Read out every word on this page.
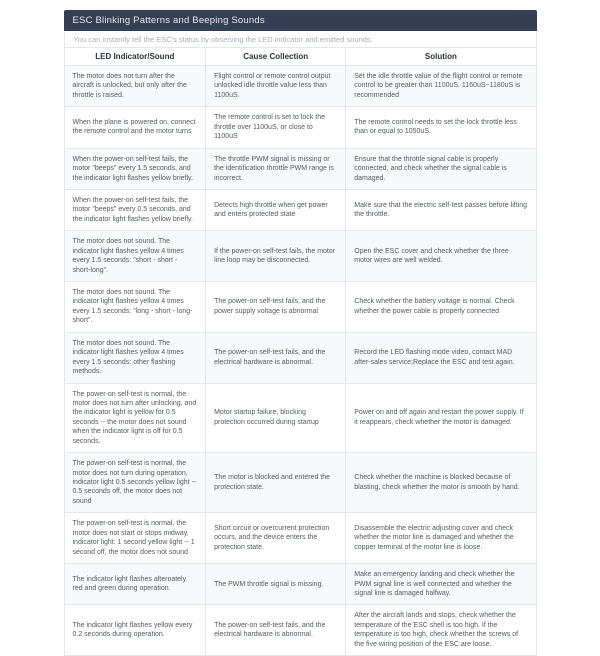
ESC Blinking Patterns and Beeping Sounds
You can instantly tell the ESC's status by observing the LED indicator and emitted sounds.
LED Indicator/Sound	Cause Collection	Solution
The motor does not turn after the aircraft is unlocked, but only after the throttle is raised.	Flight control or remote control output unlocked idle throttle value less than 1100uS.	Set the idle throttle value of the flight control or remote control to be greater than 1100uS. 1160uS~1180uS is recommended
When the plane is powered on, connect the remote control and the motor turns	The remote control is set to lock the throttle over 1100uS, or close to 1100uS	The remote control needs to set the lock throttle less than or equal to 1050uS.
When the power-on self-test fails, the motor "beeps" every 1.5 seconds, and the indicator light flashes yellow briefly.	The throttle PWM signal is missing or the identification throttle PWM range is incorrect.	Ensure that the throttle signal cable is properly connected, and check whether the signal cable is damaged.
When the power-on self-test fails, the motor "beeps" every 0.5 seconds, and the indicator light flashes yellow briefly.	Detects high throttle when get power and enters protected state	Make sure that the electric self-test passes before lifting the throttle.
The motor does not sound. The indicator light flashes yellow 4 times every 1.5 seconds: "short - short - short-long".	If the power-on self-test fails, the motor line loop may be disconnected.	Open the ESC cover and check whether the three motor wires are well welded.
The motor does not sound. The indicator light flashes yellow 4 times every 1.5 seconds: "long - short - long-short".	The power-on self-test fails, and the power supply voltage is abnormal	Check whether the battery voltage is normal. Check whether the power cable is properly connected
The motor does not sound. The indicator light flashes yellow 4 times every 1.5 seconds: other flashing methods.	The power-on self-test fails, and the electrical hardware is abnormal.	Record the LED flashing mode video, contact MAD after-sales service;Replace the ESC and test again.
The power-on self-test is normal, the motor does not turn after unlocking, and the indicator light is yellow for 0.5 seconds -- the motor does not sound when the indicator light is off for 0.5 seconds.	Motor startup failure, blocking protection occurred during startup	Power on and off again and restart the power supply. If it reappears, check whether the motor is damaged.
The power-on self-test is normal, the motor does not turn during operation, indicator light 0.5 seconds yellow light -- 0.5 seconds off, the motor does not sound	The motor is blocked and entered the protection state.	Check whether the machine is blocked because of blasting, check whether the motor is smooth by hand.
The power-on self-test is normal, the motor does not start or stops midway, indicator light: 1 second yellow light -- 1 second off, the motor does not sound	Short circuit or overcurrent protection occurs, and the device enters the protection state.	Disassemble the electric adjusting cover and check whether the motor line is damaged and whether the copper terminal of the motor line is loose.
The indicator light flashes alternately red and green during operation.	The PWM throttle signal is missing.	Make an emergency landing and check whether the PWM signal line is well connected and whether the signal line is damaged halfway.
The indicator light flashes yellow every 0.2 seconds during operation.	The power-on self-test fails, and the electrical hardware is abnormal.	After the aircraft lands and stops, check whether the temperature of the ESC shell is too high. If the temperature is too high, check whether the screws of the five wiring position of the ESC are loose.
